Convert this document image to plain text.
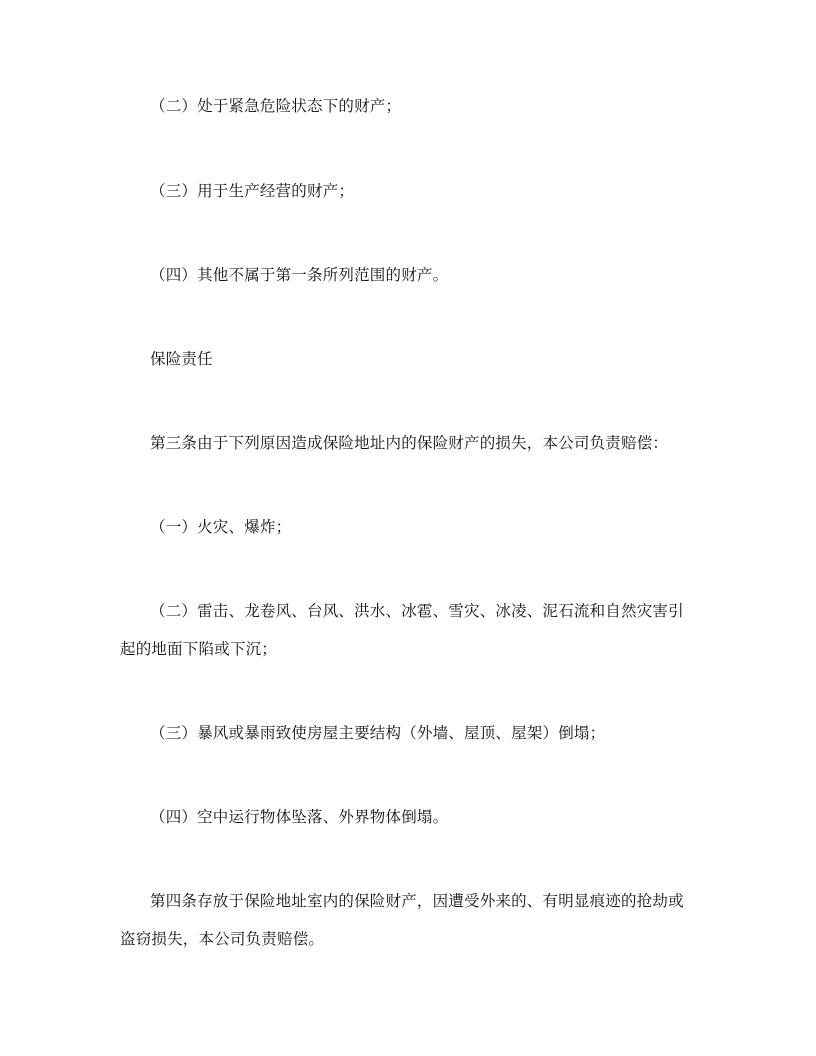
（二）处于紧急危险状态下的财产；
（三）用于生产经营的财产；
（四）其他不属于第一条所列范围的财产。
保险责任
第三条由于下列原因造成保险地址内的保险财产的损失，本公司负责赔偿：
（一）火灾、爆炸；
（二）雷击、龙卷风、台风、洪水、冰雹、雪灾、冰凌、泥石流和自然灾害引
起的地面下陷或下沉；
（三）暴风或暴雨致使房屋主要结构（外墙、屋顶、屋架）倒塌；
（四）空中运行物体坠落、外界物体倒塌。
第四条存放于保险地址室内的保险财产，因遭受外来的、有明显痕迹的抢劫或
盗窃损失，本公司负责赔偿。
